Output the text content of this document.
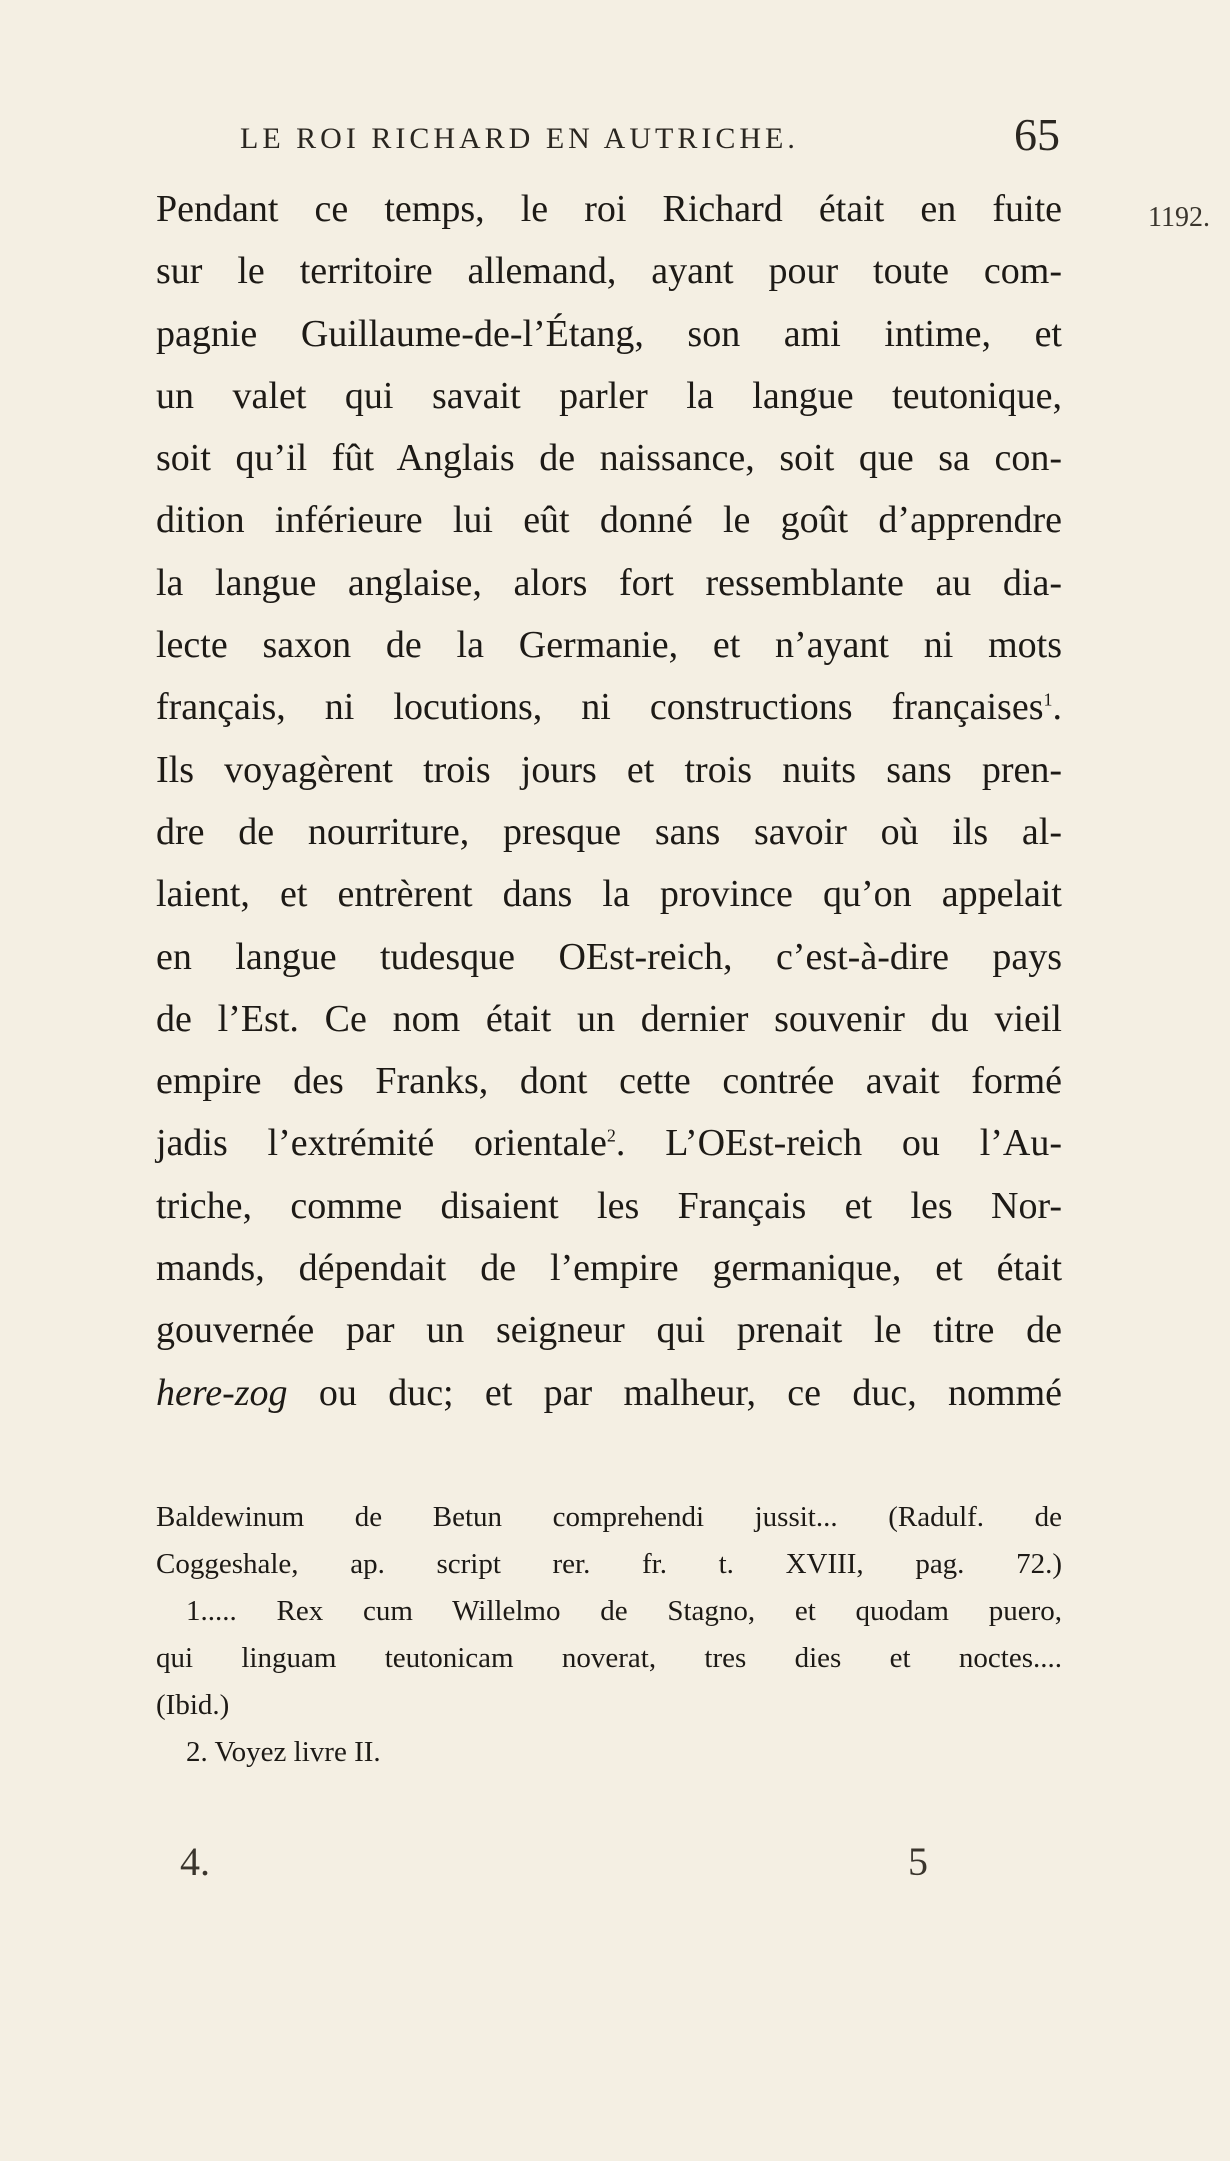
LE ROI RICHARD EN AUTRICHE.	65
1192.
Pendant ce temps, le roi Richard était en fuite
sur le territoire allemand, ayant pour toute com-
pagnie Guillaume-de-l’Étang, son ami intime, et
un valet qui savait parler la langue teutonique,
soit qu’il fût Anglais de naissance, soit que sa con-
dition inférieure lui eût donné le goût d’apprendre
la langue anglaise, alors fort ressemblante au dia-
lecte saxon de la Germanie, et n’ayant ni mots
français, ni locutions, ni constructions françaises$^1$.
Ils voyagèrent trois jours et trois nuits sans pren-
dre de nourriture, presque sans savoir où ils al-
laient, et entrèrent dans la province qu’on appelait
en langue tudesque OEst-reich, c’est-à-dire pays
de l’Est. Ce nom était un dernier souvenir du vieil
empire des Franks, dont cette contrée avait formé
jadis l’extrémité orientale$^2$. L’OEst-reich ou l’Au-
triche, comme disaient les Français et les Nor-
mands, dépendait de l’empire germanique, et était
gouvernée par un seigneur qui prenait le titre de
here-zog ou duc; et par malheur, ce duc, nommé
Baldewinum de Betun comprehendi jussit... (Radulf. de
Coggeshale, ap. script rer. fr. t. XVIII, pag. 72.)
1..... Rex cum Willelmo de Stagno, et quodam puero,
qui linguam teutonicam noverat, tres dies et noctes....
(Ibid.)
2. Voyez livre II.
4.	5
